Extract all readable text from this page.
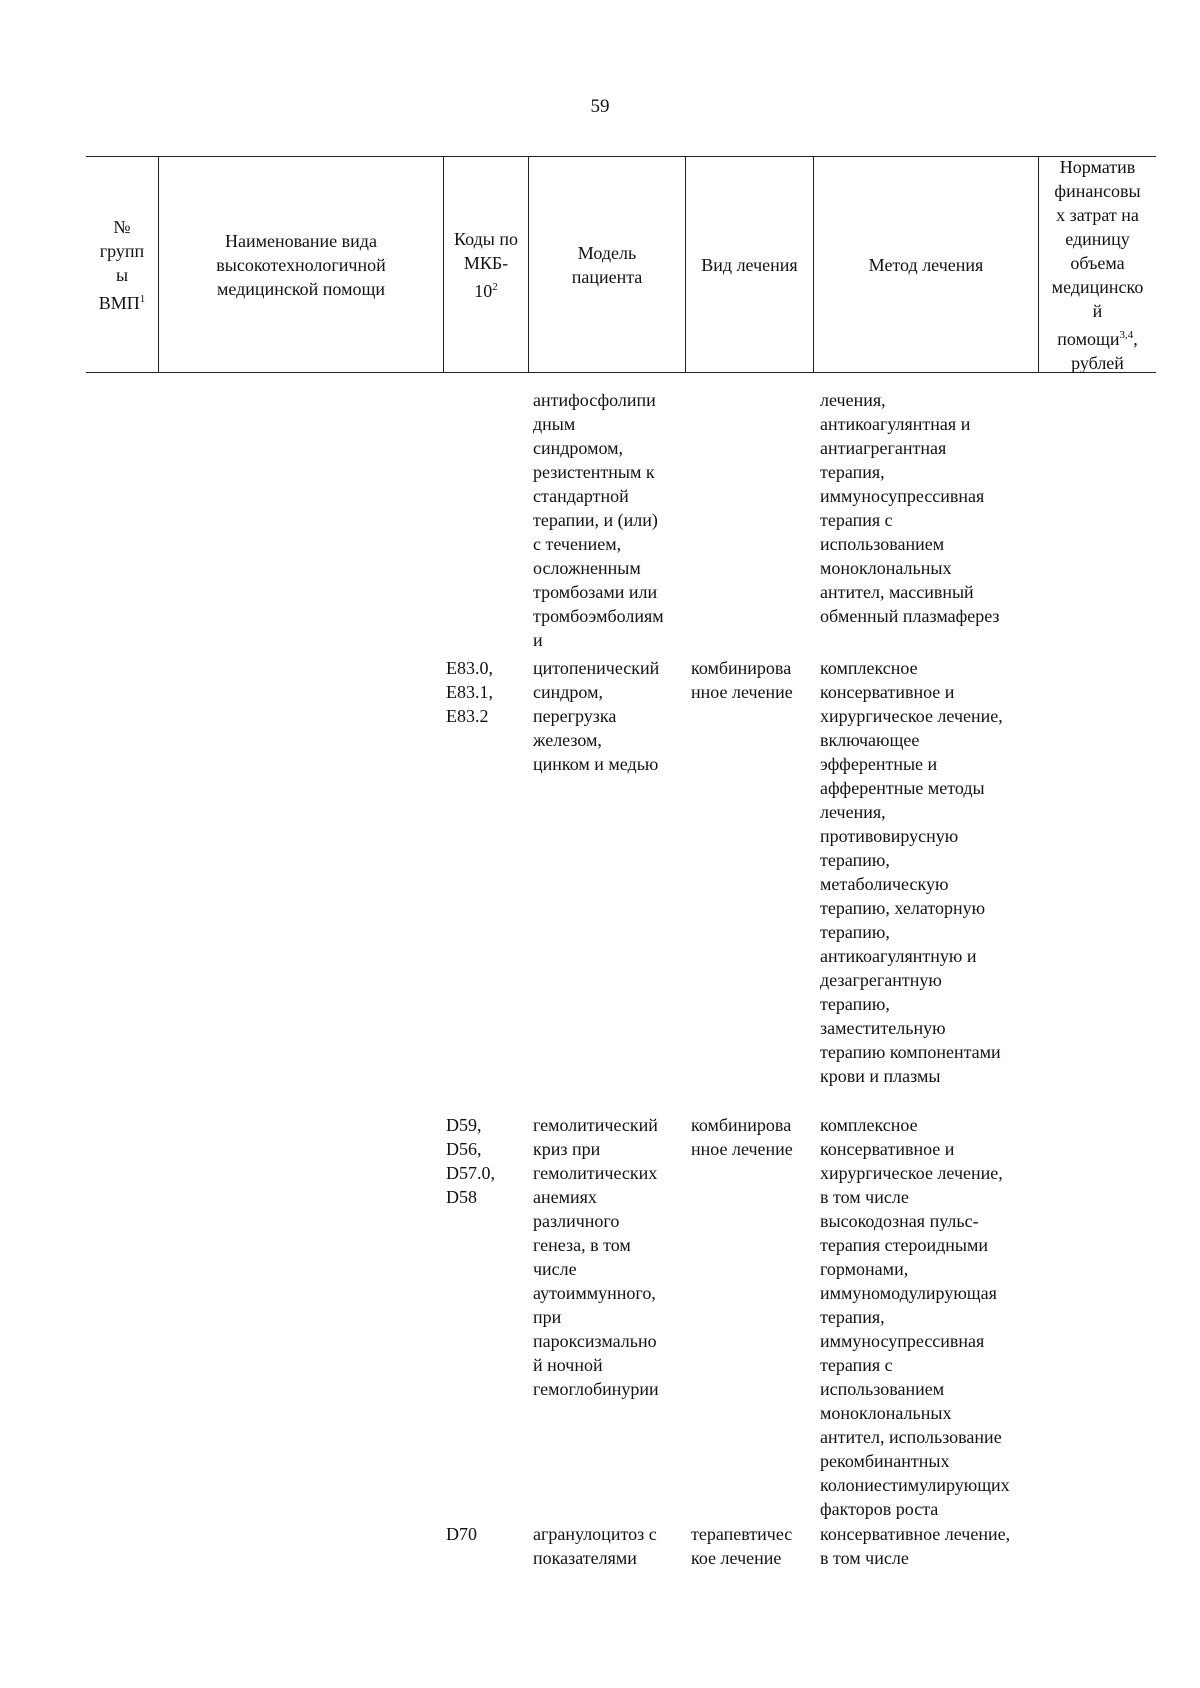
59
№
групп
ы
ВМП$^1$
Наименование вида
высокотехнологичной
медицинской помощи
Коды по
МКБ-
$10^2$
Модель
пациента
Вид лечения	Метод лечения
Норматив
финансовы
х затрат на
единицу
объема
медицинско
й
помощи$^{3,4}$,
рублей
антифосфолипи
дным
синдромом,
резистентным к
стандартной
терапии, и (или)
с течением,
осложненным
тромбозами или
тромбоэмболиям
и
лечения,
антикоагулянтная и
антиагрегантная
терапия,
иммуносупрессивная
терапия с
использованием
моноклональных
антител, массивный
обменный плазмаферез
E83.0,
E83.1,
E83.2
цитопенический
синдром,
перегрузка
железом,
цинком и медью
комбинирова
нное лечение
комплексное
консервативное и
хирургическое лечение,
включающее
эфферентные и
афферентные методы
лечения,
противовирусную
терапию,
метаболическую
терапию, хелаторную
терапию,
антикоагулянтную и
дезагрегантную
терапию,
заместительную
терапию компонентами
крови и плазмы
D59,
D56,
D57.0,
D58
гемолитический
криз при
гемолитических
анемиях
различного
генеза, в том
числе
аутоиммунного,
при
пароксизмально
й ночной
гемоглобинурии
комбинирова
нное лечение
комплексное
консервативное и
хирургическое лечение,
в том числе
высокодозная пульс-
терапия стероидными
гормонами,
иммуномодулирующая
терапия,
иммуносупрессивная
терапия с
использованием
моноклональных
антител, использование
рекомбинантных
колониестимулирующих
факторов роста
D70	агранулоцитоз с
показателями
терапевтичес
кое лечение
консервативное лечение,
в том числе
